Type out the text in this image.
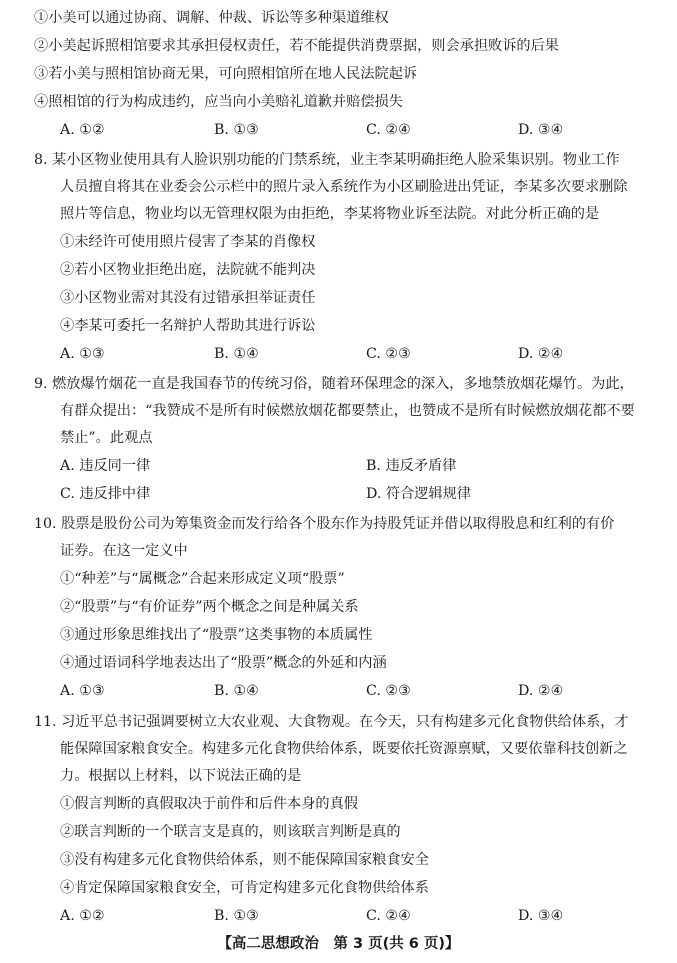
①小美可以通过协商、调解、仲裁、诉讼等多种渠道维权
②小美起诉照相馆要求其承担侵权责任，若不能提供消费票据，则会承担败诉的后果
③若小美与照相馆协商无果，可向照相馆所在地人民法院起诉
④照相馆的行为构成违约，应当向小美赔礼道歉并赔偿损失
A. ①②	B. ①③	C. ②④	D. ③④
8. 某小区物业使用具有人脸识别功能的门禁系统，业主李某明确拒绝人脸采集识别。物业工作
人员擅自将其在业委会公示栏中的照片录入系统作为小区刷脸进出凭证，李某多次要求删除
照片等信息，物业均以无管理权限为由拒绝，李某将物业诉至法院。对此分析正确的是
①未经许可使用照片侵害了李某的肖像权
②若小区物业拒绝出庭，法院就不能判决
③小区物业需对其没有过错承担举证责任
④李某可委托一名辩护人帮助其进行诉讼
A. ①③	B. ①④	C. ②③	D. ②④
9. 燃放爆竹烟花一直是我国春节的传统习俗，随着环保理念的深入，多地禁放烟花爆竹。为此，
有群众提出：“我赞成不是所有时候燃放烟花都要禁止，也赞成不是所有时候燃放烟花都不要
禁止”。此观点
A. 违反同一律	B. 违反矛盾律
C. 违反排中律	D. 符合逻辑规律
10. 股票是股份公司为筹集资金而发行给各个股东作为持股凭证并借以取得股息和红利的有价
证券。在这一定义中
①“种差”与“属概念”合起来形成定义项“股票”
②“股票”与“有价证券”两个概念之间是种属关系
③通过形象思维找出了“股票”这类事物的本质属性
④通过语词科学地表达出了“股票”概念的外延和内涵
A. ①③	B. ①④	C. ②③	D. ②④
11. 习近平总书记强调要树立大农业观、大食物观。在今天，只有构建多元化食物供给体系，才
能保障国家粮食安全。构建多元化食物供给体系，既要依托资源禀赋，又要依靠科技创新之
力。根据以上材料，以下说法正确的是
①假言判断的真假取决于前件和后件本身的真假
②联言判断的一个联言支是真的，则该联言判断是真的
③没有构建多元化食物供给体系，则不能保障国家粮食安全
④肯定保障国家粮食安全，可肯定构建多元化食物供给体系
A. ①②	B. ①③	C. ②④	D. ③④
【高二思想政治　第 3 页(共 6 页)】
